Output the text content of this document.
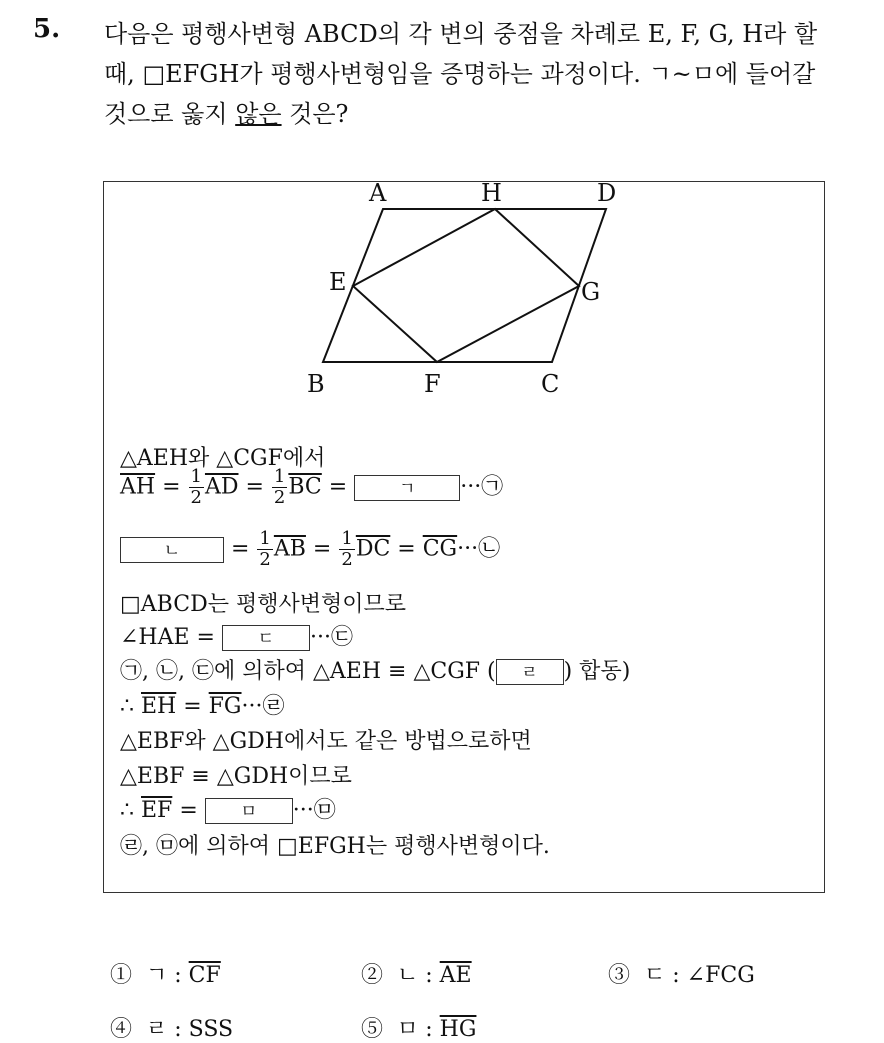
5. 다음은 평행사변형 ABCD의 각 변의 중점을 차례로 E, F, G, H라 할
때, □EFGH가 평행사변형임을 증명하는 과정이다. ㄱ~ㅁ에 들어갈
것으로 옳지 않은 것은?
A	H	D
E	G
B	F	C
△AEH와 △CGF에서
$\overline{AH} = \frac{1}{2} \overline{AD} = \frac{1}{2} \overline{BC}$ =	ㄱ ···㉠
ㄴ = $\frac{1}{2} \overline{AB} = \frac{1}{2} \overline{DC}$ = $\overline{CG}\cdot\cdot\cdot㉡$
□ABCD는 평행사변형이므로
∠HAE = ㄷ ···㉢
㉠, ㉡, ㉢에 의하여 △AEH ≡ △CGF ( ㄹ ) 합동)
∴ $\overline{EH}$ = $\overline{FG}\cdot\cdot\cdot㉣$
△EBF와 △GDH에서도 같은 방법으로하면
△EBF ≡ △GDH이므로
∴ $\overline{EF}$ = ㅁ ···㉤
㉣, ㉤에 의하여 □EFGH는 평행사변형이다.
① ㄱ : $\overline{CF}$	② ㄴ : $\overline{AE}$	③ ㄷ : ∠FCG
④ ㄹ : SSS	⑤ ㅁ : $\overline{HG}$
